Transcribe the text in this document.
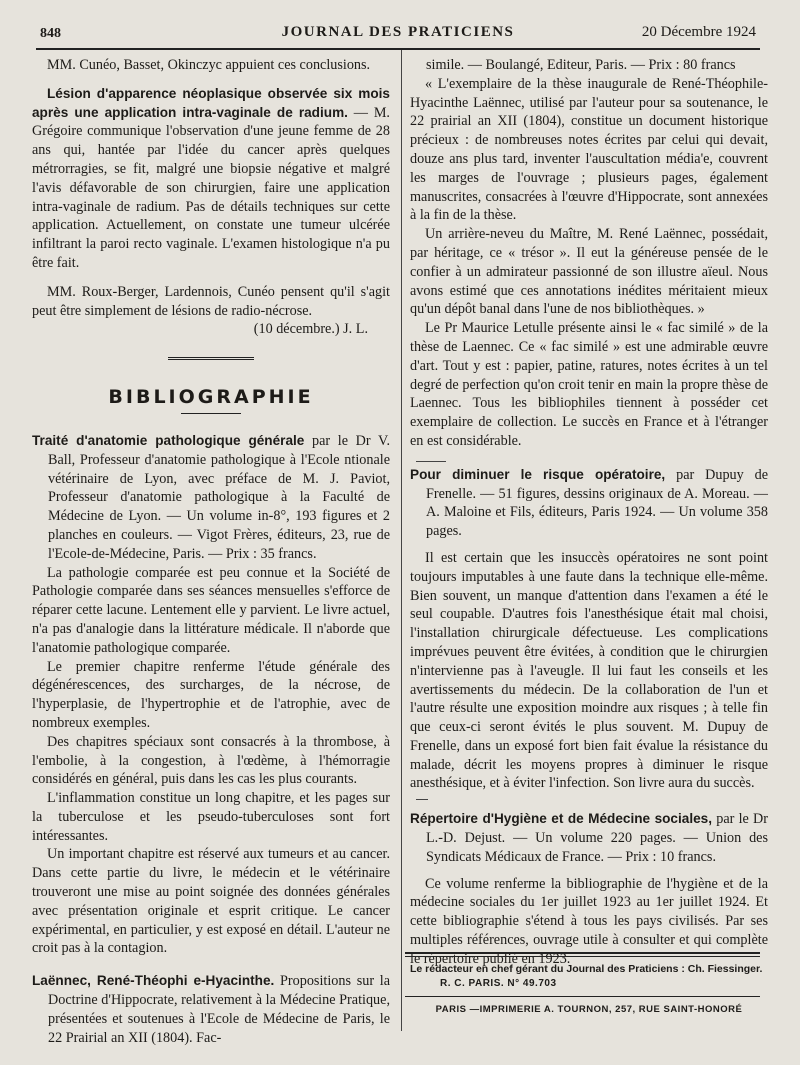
848	JOURNAL DES PRATICIENS	20 Décembre 1924

MM. Cunéo, Basset, Okinczyc appuient ces conclusions.

Lésion d'apparence néoplasique observée six mois après une application intra-vaginale de radium. — M. Grégoire communique l'observation d'une jeune femme de 28 ans qui, hantée par l'idée du cancer après quelques métrorragies, se fit, malgré une biopsie négative et malgré l'avis défavorable de son chirurgien, faire une application intra-vaginale de radium. Pas de détails techniques sur cette application. Actuellement, on constate une tumeur ulcérée infiltrant la paroi recto vaginale. L'examen histologique n'a pu être fait.

MM. Roux-Berger, Lardennois, Cunéo pensent qu'il s'agit peut être simplement de lésions de radio-nécrose.

(10 décembre.) J. L.

BIBLIOGRAPHIE

Traité d'anatomie pathologique générale par le Dr V. Ball, Professeur d'anatomie pathologique à l'Ecole ntionale vétérinaire de Lyon, avec préface de M. J. Paviot, Professeur d'anatomie pathologique à la Faculté de Médecine de Lyon. — Un volume in-8°, 193 figures et 2 planches en couleurs. — Vigot Frères, éditeurs, 23, rue de l'Ecole-de-Médecine, Paris. — Prix : 35 francs.

La pathologie comparée est peu connue et la Société de Pathologie comparée dans ses séances mensuelles s'efforce de réparer cette lacune. Lentement elle y parvient. Le livre actuel, n'a pas d'analogie dans la littérature médicale. Il n'aborde que l'anatomie pathologique comparée.

Le premier chapitre renferme l'étude générale des dégénérescences, des surcharges, de la nécrose, de l'hyperplasie, de l'hypertrophie et de l'atrophie, avec de nombreux exemples.

Des chapitres spéciaux sont consacrés à la thrombose, à l'embolie, à la congestion, à l'œdème, à l'hémorragie considérés en général, puis dans les cas les plus courants.

L'inflammation constitue un long chapitre, et les pages sur la tuberculose et les pseudo-tuberculoses sont fort intéressantes.

Un important chapitre est réservé aux tumeurs et au cancer. Dans cette partie du livre, le médecin et le vétérinaire trouveront une mise au point soignée des données générales avec présentation originale et esprit critique. Le cancer expérimental, en particulier, y est exposé en détail. L'auteur ne croit pas à la contagion.

Laënnec, René-Théophi e-Hyacinthe. Propositions sur la Doctrine d'Hippocrate, relativement à la Médecine Pratique, présentées et soutenues à l'Ecole de Médecine de Paris, le 22 Prairial an XII (1804). Fac-

simile. — Boulangé, Editeur, Paris. — Prix : 80 francs

« L'exemplaire de la thèse inaugurale de René-Théophile-Hyacinthe Laënnec, utilisé par l'auteur pour sa soutenance, le 22 prairial an XII (1804), constitue un document historique précieux : de nombreuses notes écrites par celui qui devait, douze ans plus tard, inventer l'auscultation média'e, couvrent les marges de l'ouvrage ; plusieurs pages, également manuscrites, consacrées à l'œuvre d'Hippocrate, sont annexées à la fin de la thèse.

Un arrière-neveu du Maître, M. René Laënnec, possédait, par héritage, ce « trésor ». Il eut la généreuse pensée de le confier à un admirateur passionné de son illustre aïeul. Nous avons estimé que ces annotations inédites méritaient mieux qu'un dépôt banal dans l'une de nos bibliothèques. »

Le Pr Maurice Letulle présente ainsi le « fac similé » de la thèse de Laennec. Ce « fac similé » est une admirable œuvre d'art. Tout y est : papier, patine, ratures, notes écrites à un tel degré de perfection qu'on croit tenir en main la propre thèse de Laennec. Tous les bibliophiles tiennent à posséder cet exemplaire de collection. Le succès en France et à l'étranger en est considérable.

Pour diminuer le risque opératoire, par Dupuy de Frenelle. — 51 figures, dessins originaux de A. Moreau. — A. Maloine et Fils, éditeurs, Paris 1924. — Un volume 358 pages.

Il est certain que les insuccès opératoires ne sont point toujours imputables à une faute dans la technique elle-même. Bien souvent, un manque d'attention dans l'examen a été le seul coupable. D'autres fois l'anesthésique était mal choisi, l'installation chirurgicale défectueuse. Les complications imprévues peuvent être évitées, à condition que le chirurgien n'intervienne pas à l'aveugle. Il lui faut les conseils et les avertissements du médecin. De la collaboration de l'un et l'autre résulte une exposition moindre aux risques ; à telle fin que ceux-ci seront évités le plus souvent. M. Dupuy de Frenelle, dans un exposé fort bien fait évalue la résistance du malade, décrit les moyens propres à diminuer le risque anesthésique, et à éviter l'infection. Son livre aura du succès.

Répertoire d'Hygiène et de Médecine sociales, par le Dr L.-D. Dejust. — Un volume 220 pages. — Union des Syndicats Médicaux de France. — Prix : 10 francs.

Ce volume renferme la bibliographie de l'hygiène et de la médecine sociales du 1er juillet 1923 au 1er juillet 1924. Et cette bibliographie s'étend à tous les pays civilisés. Par ses multiples références, ouvrage utile à consulter et qui complète le répertoire publié en 1923.

Le rédacteur en chef gérant du Journal des Praticiens : Ch. Fiessinger.
R. C. PARIS. N° 49.703
PARIS —IMPRIMERIE A. TOURNON, 257, RUE SAINT-HONORÉ
